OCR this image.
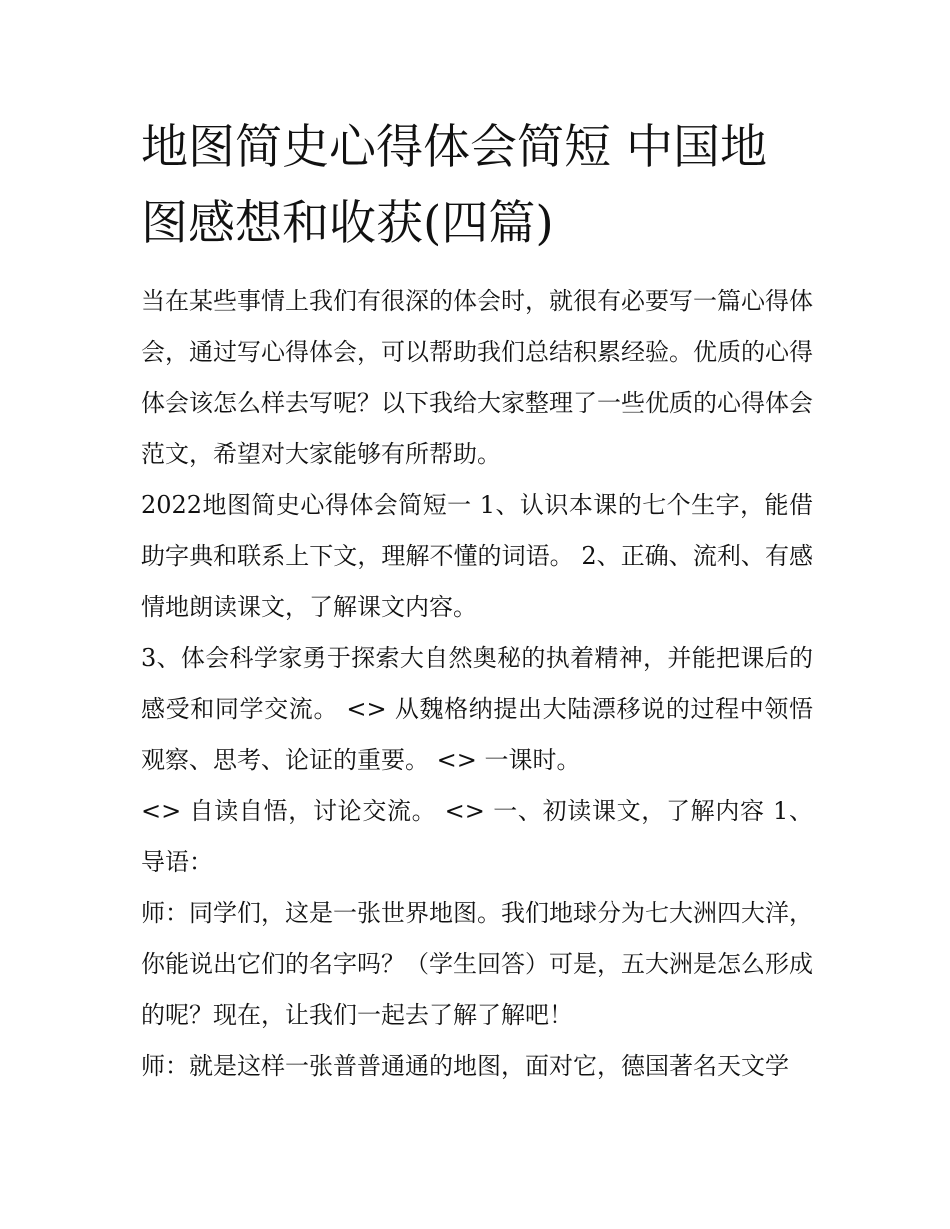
地图简史心得体会简短 中国地图感想和收获(四篇)

当在某些事情上我们有很深的体会时，就很有必要写一篇心得体会，通过写心得体会，可以帮助我们总结积累经验。优质的心得体会该怎么样去写呢？以下我给大家整理了一些优质的心得体会范文，希望对大家能够有所帮助。

2022地图简史心得体会简短一 1、认识本课的七个生字，能借助字典和联系上下文，理解不懂的词语。 2、正确、流利、有感情地朗读课文，了解课文内容。

3、体会科学家勇于探索大自然奥秘的执着精神，并能把课后的感受和同学交流。 <> 从魏格纳提出大陆漂移说的过程中领悟观察、思考、论证的重要。 <> 一课时。

<> 自读自悟，讨论交流。 <> 一、初读课文，了解内容 1、导语：

师：同学们，这是一张世界地图。我们地球分为七大洲四大洋，你能说出它们的名字吗？（学生回答）可是，五大洲是怎么形成的呢？现在，让我们一起去了解了解吧！

师：就是这样一张普普通通的地图，面对它，德国著名天文学
